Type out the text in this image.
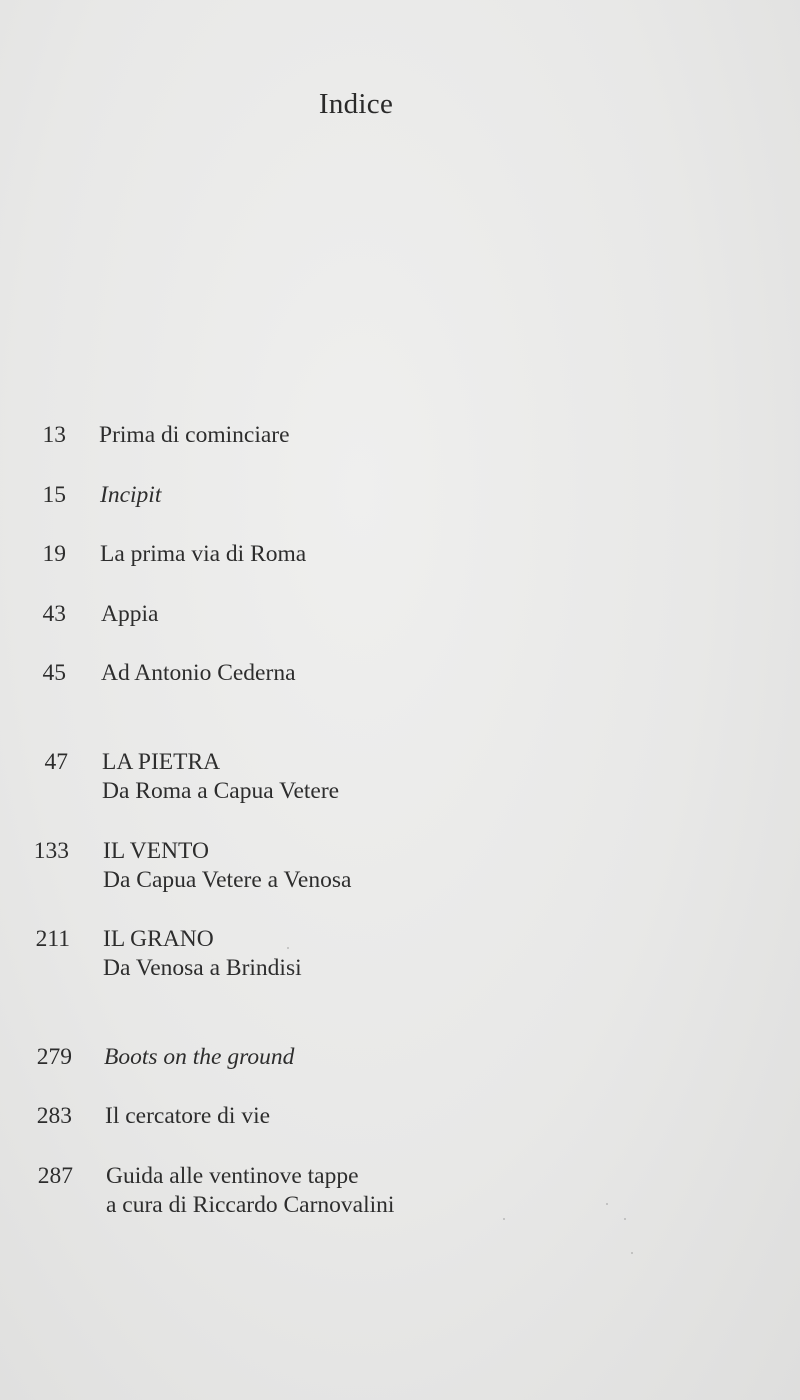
Indice
13 Prima di cominciare
15 Incipit
19 La prima via di Roma
43 Appia
45 Ad Antonio Cederna
47 LA PIETRA
Da Roma a Capua Vetere
133 IL VENTO
Da Capua Vetere a Venosa
211 IL GRANO
Da Venosa a Brindisi
279 Boots on the ground
283 Il cercatore di vie
287 Guida alle ventinove tappe
a cura di Riccardo Carnovalini
